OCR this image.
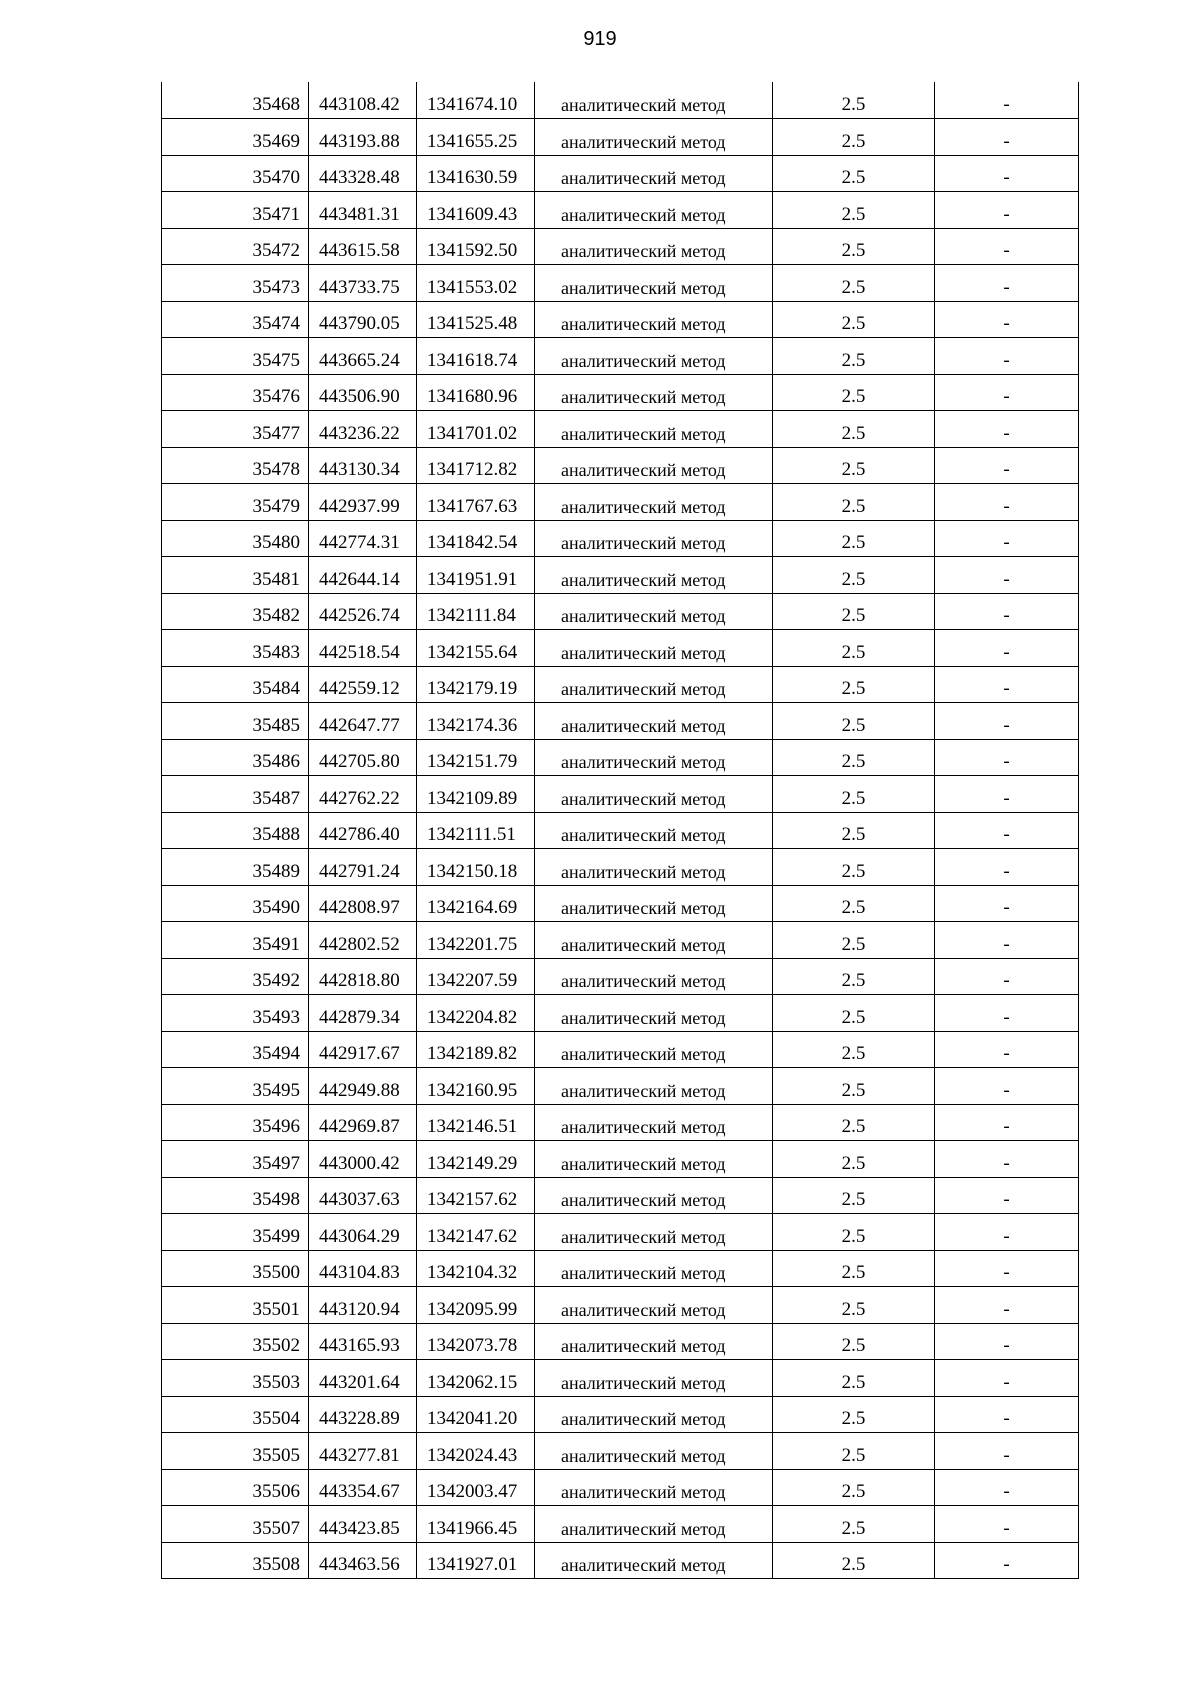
919
35468	443108.42	1341674.10	аналитический метод	2.5	-
35469	443193.88	1341655.25	аналитический метод	2.5	-
35470	443328.48	1341630.59	аналитический метод	2.5	-
35471	443481.31	1341609.43	аналитический метод	2.5	-
35472	443615.58	1341592.50	аналитический метод	2.5	-
35473	443733.75	1341553.02	аналитический метод	2.5	-
35474	443790.05	1341525.48	аналитический метод	2.5	-
35475	443665.24	1341618.74	аналитический метод	2.5	-
35476	443506.90	1341680.96	аналитический метод	2.5	-
35477	443236.22	1341701.02	аналитический метод	2.5	-
35478	443130.34	1341712.82	аналитический метод	2.5	-
35479	442937.99	1341767.63	аналитический метод	2.5	-
35480	442774.31	1341842.54	аналитический метод	2.5	-
35481	442644.14	1341951.91	аналитический метод	2.5	-
35482	442526.74	1342111.84	аналитический метод	2.5	-
35483	442518.54	1342155.64	аналитический метод	2.5	-
35484	442559.12	1342179.19	аналитический метод	2.5	-
35485	442647.77	1342174.36	аналитический метод	2.5	-
35486	442705.80	1342151.79	аналитический метод	2.5	-
35487	442762.22	1342109.89	аналитический метод	2.5	-
35488	442786.40	1342111.51	аналитический метод	2.5	-
35489	442791.24	1342150.18	аналитический метод	2.5	-
35490	442808.97	1342164.69	аналитический метод	2.5	-
35491	442802.52	1342201.75	аналитический метод	2.5	-
35492	442818.80	1342207.59	аналитический метод	2.5	-
35493	442879.34	1342204.82	аналитический метод	2.5	-
35494	442917.67	1342189.82	аналитический метод	2.5	-
35495	442949.88	1342160.95	аналитический метод	2.5	-
35496	442969.87	1342146.51	аналитический метод	2.5	-
35497	443000.42	1342149.29	аналитический метод	2.5	-
35498	443037.63	1342157.62	аналитический метод	2.5	-
35499	443064.29	1342147.62	аналитический метод	2.5	-
35500	443104.83	1342104.32	аналитический метод	2.5	-
35501	443120.94	1342095.99	аналитический метод	2.5	-
35502	443165.93	1342073.78	аналитический метод	2.5	-
35503	443201.64	1342062.15	аналитический метод	2.5	-
35504	443228.89	1342041.20	аналитический метод	2.5	-
35505	443277.81	1342024.43	аналитический метод	2.5	-
35506	443354.67	1342003.47	аналитический метод	2.5	-
35507	443423.85	1341966.45	аналитический метод	2.5	-
35508	443463.56	1341927.01	аналитический метод	2.5	-
